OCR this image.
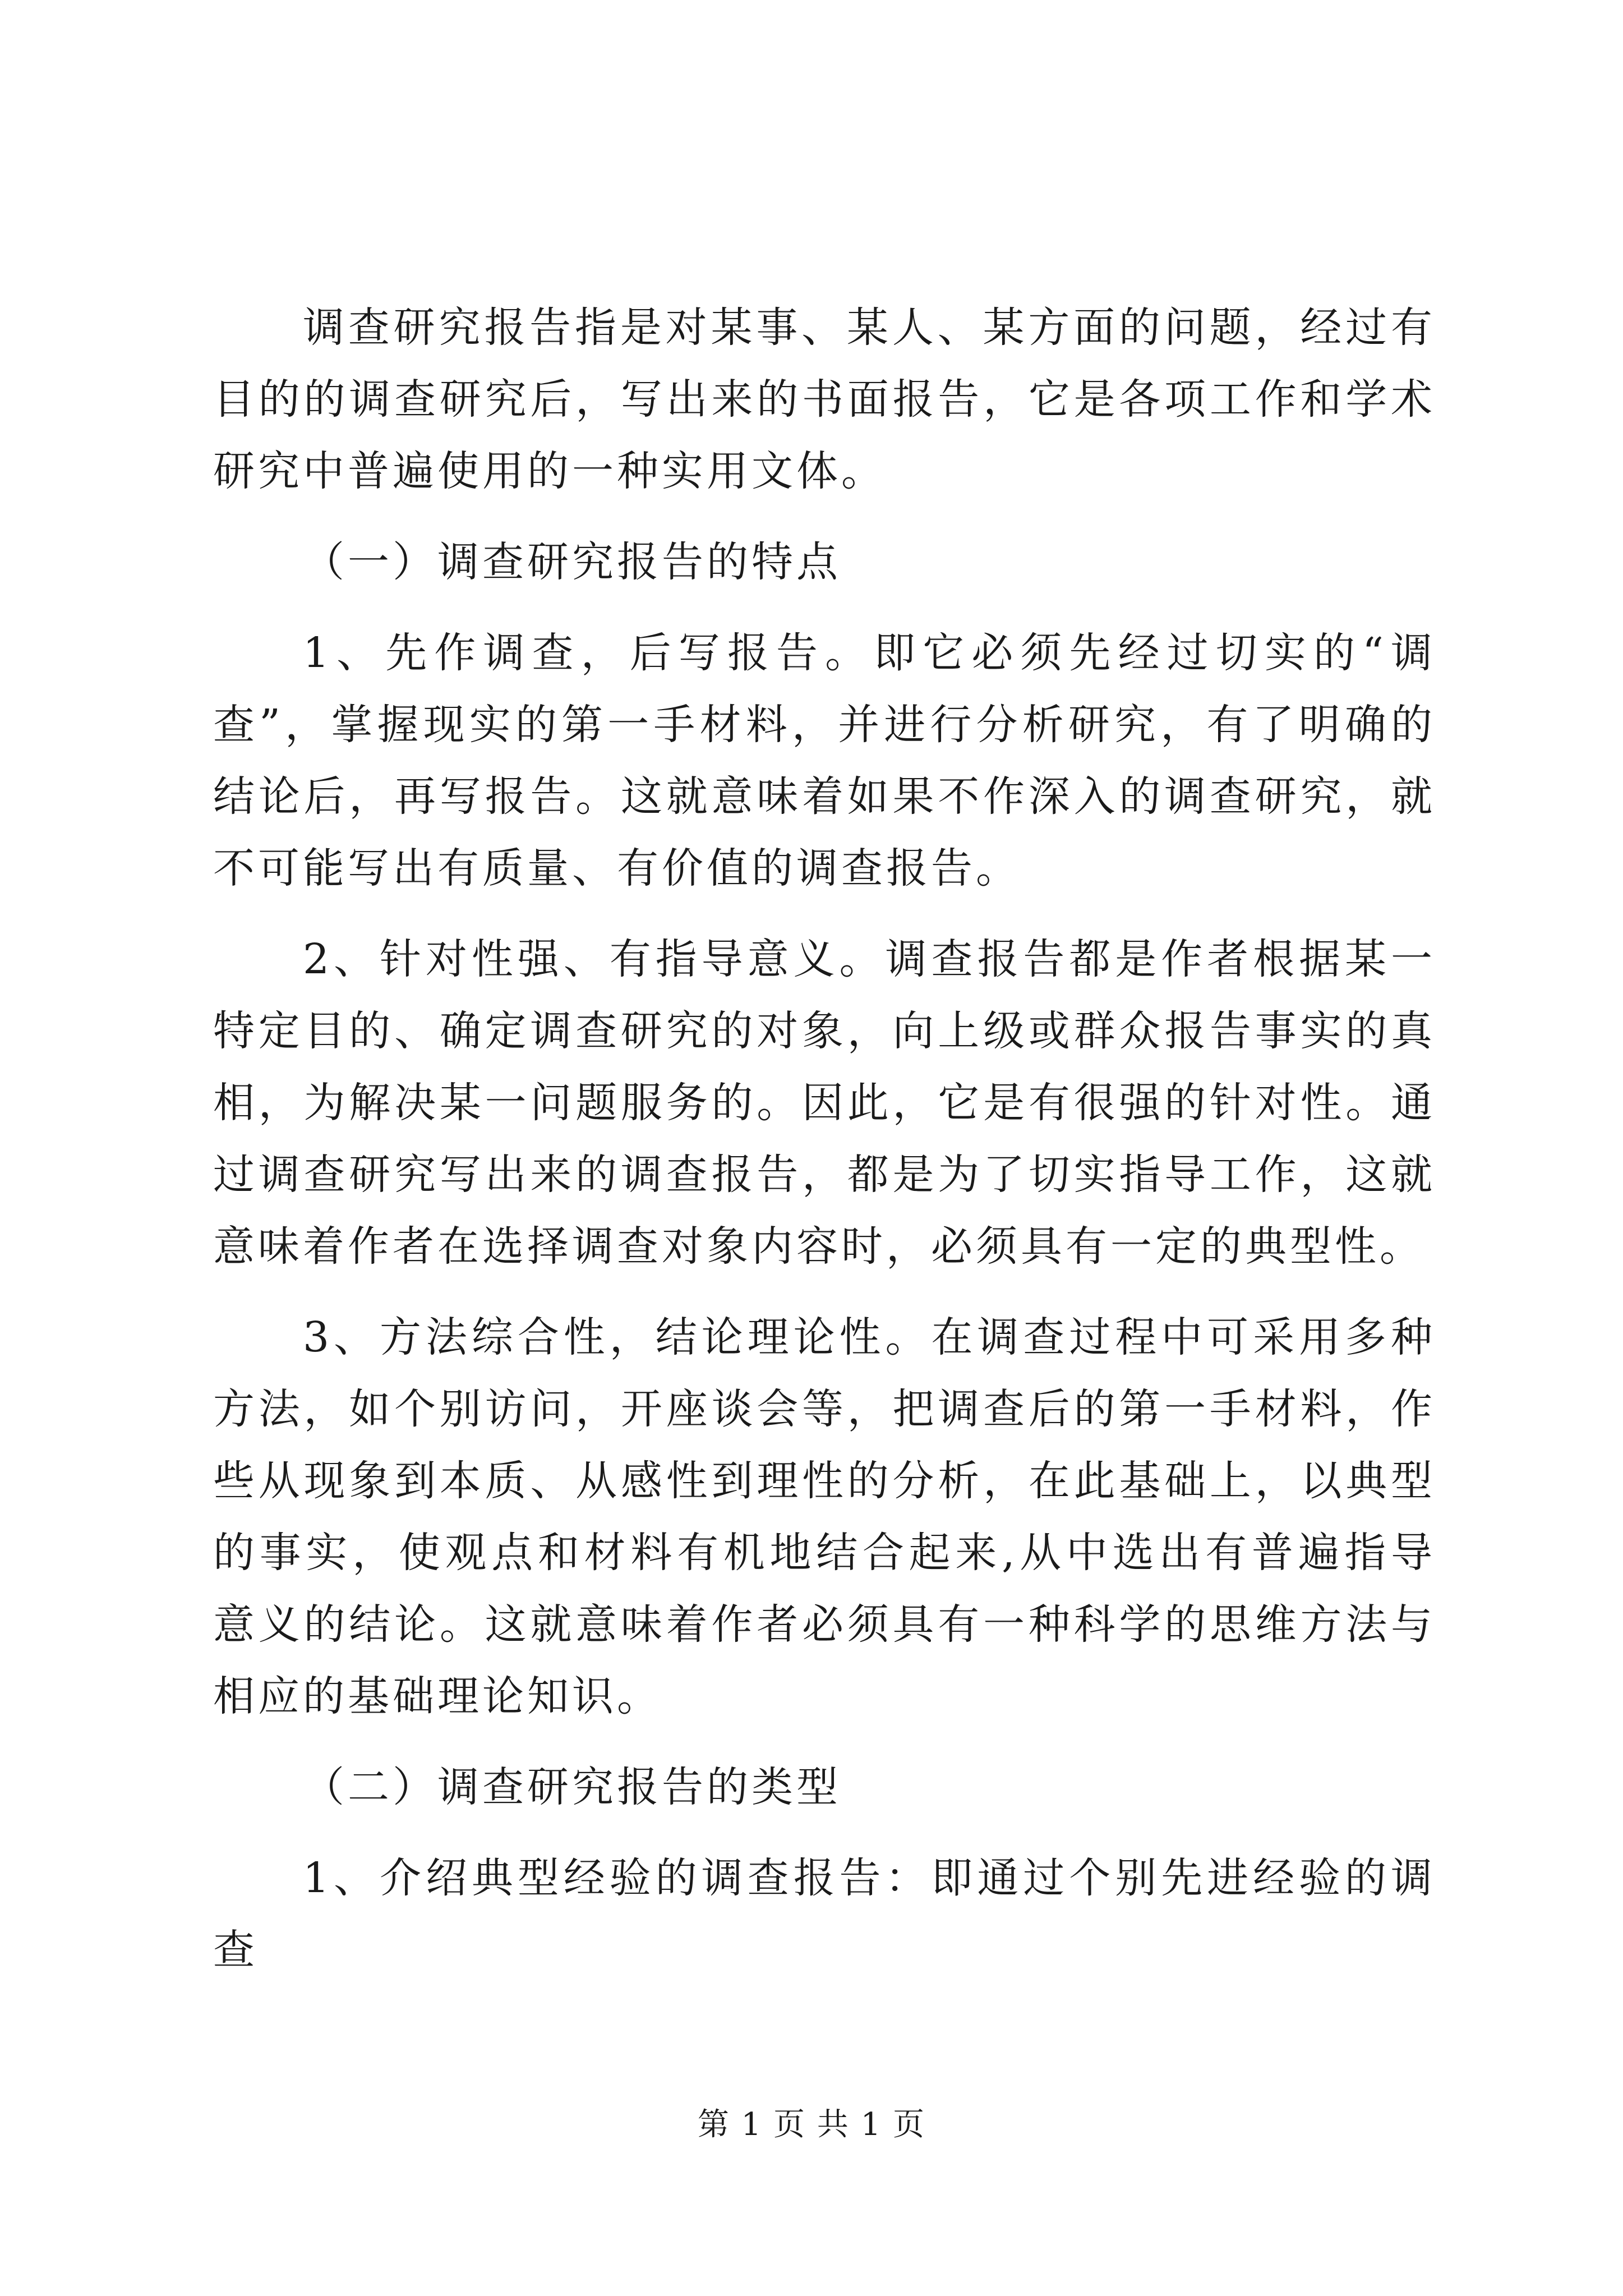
调查研究报告指是对某事、某人、某方面的问题，经过有目的的调查研究后，写出来的书面报告，它是各项工作和学术研究中普遍使用的一种实用文体。

（一）调查研究报告的特点

1、先作调查，后写报告。即它必须先经过切实的“调查”，掌握现实的第一手材料，并进行分析研究，有了明确的结论后，再写报告。这就意味着如果不作深入的调查研究，就不可能写出有质量、有价值的调查报告。

2、针对性强、有指导意义。调查报告都是作者根据某一特定目的、确定调查研究的对象，向上级或群众报告事实的真相，为解决某一问题服务的。因此，它是有很强的针对性。通过调查研究写出来的调查报告，都是为了切实指导工作，这就意味着作者在选择调查对象内容时，必须具有一定的典型性。

3、方法综合性，结论理论性。在调查过程中可采用多种方法，如个别访问，开座谈会等，把调查后的第一手材料，作些从现象到本质、从感性到理性的分析，在此基础上，以典型的事实，使观点和材料有机地结合起来,从中选出有普遍指导意义的结论。这就意味着作者必须具有一种科学的思维方法与相应的基础理论知识。

（二）调查研究报告的类型

1、介绍典型经验的调查报告：即通过个别先进经验的调查

第 1 页 共 1 页
